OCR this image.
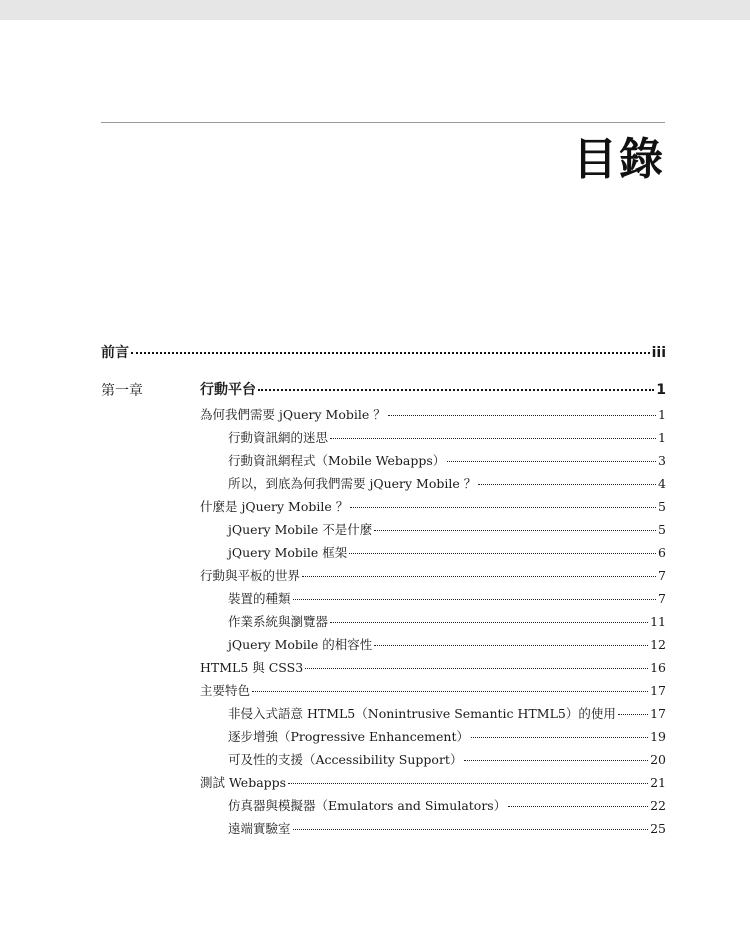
目錄
前言	iii
第一章	行動平台	1
為何我們需要 jQuery Mobile ？	1
行動資訊網的迷思	1
行動資訊網程式（Mobile Webapps）	3
所以，到底為何我們需要 jQuery Mobile ？	4
什麼是 jQuery Mobile ？	5
jQuery Mobile 不是什麼	5
jQuery Mobile 框架	6
行動與平板的世界	7
裝置的種類	7
作業系統與瀏覽器	11
jQuery Mobile 的相容性	12
HTML5 與 CSS3	16
主要特色	17
非侵入式語意 HTML5（Nonintrusive Semantic HTML5）的使用	17
逐步增強（Progressive Enhancement）	19
可及性的支援（Accessibility Support）	20
測試 Webapps	21
仿真器與模擬器（Emulators and Simulators）	22
遠端實驗室	25
